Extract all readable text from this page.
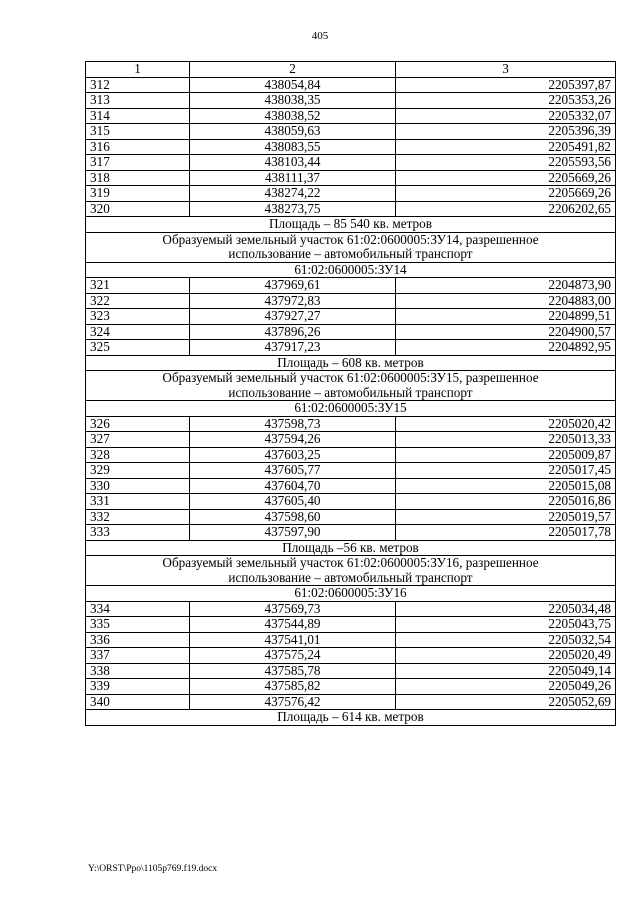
405
1	2	3
312	438054,84	2205397,87
313	438038,35	2205353,26
314	438038,52	2205332,07
315	438059,63	2205396,39
316	438083,55	2205491,82
317	438103,44	2205593,56
318	438111,37	2205669,26
319	438274,22	2205669,26
320	438273,75	2206202,65

Площадь – 85 540 кв. метров		

Образуемый земельный участок 61:02:0600005:ЗУ14, разрешенное
использование – автомобильный транспорт		

61:02:0600005:ЗУ14		

321	437969,61	2204873,90
322	437972,83	2204883,00
323	437927,27	2204899,51
324	437896,26	2204900,57
325	437917,23	2204892,95

Площадь – 608 кв. метров		

Образуемый земельный участок 61:02:0600005:ЗУ15, разрешенное
использование – автомобильный транспорт		

61:02:0600005:ЗУ15		

326	437598,73	2205020,42
327	437594,26	2205013,33
328	437603,25	2205009,87
329	437605,77	2205017,45
330	437604,70	2205015,08
331	437605,40	2205016,86
332	437598,60	2205019,57
333	437597,90	2205017,78

Площадь –56 кв. метров		

Образуемый земельный участок 61:02:0600005:ЗУ16, разрешенное
использование – автомобильный транспорт		

61:02:0600005:ЗУ16		

334	437569,73	2205034,48
335	437544,89	2205043,75
336	437541,01	2205032,54
337	437575,24	2205020,49
338	437585,78	2205049,14
339	437585,82	2205049,26
340	437576,42	2205052,69

Площадь – 614 кв. метров		
Y:\ORST\Ppo\1105p769.f19.docx
